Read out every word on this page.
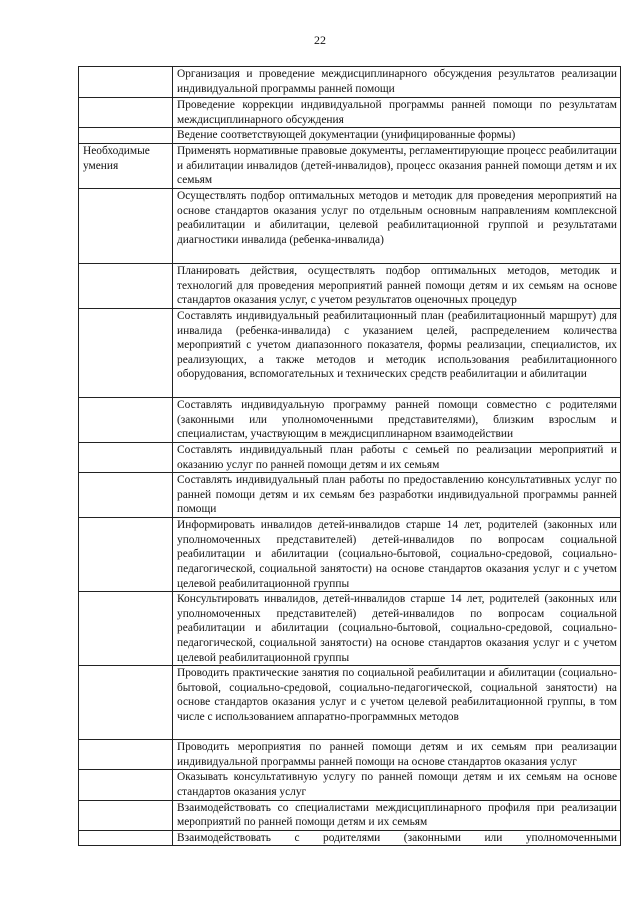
22
	Организация и проведение междисциплинарного обсуждения результатов реализации индивидуальной программы ранней помощи
	Проведение коррекции индивидуальной программы ранней помощи по результатам междисциплинарного обсуждения
	Ведение соответствующей документации (унифицированные формы)
Необходимые умения	Применять нормативные правовые документы, регламентирующие процесс реабилитации и абилитации инвалидов (детей-инвалидов), процесс оказания ранней помощи детям и их семьям
	Осуществлять подбор оптимальных методов и методик для проведения мероприятий на основе стандартов оказания услуг по отдельным основным направлениям комплексной реабилитации и абилитации, целевой реабилитационной группой и результатами диагностики инвалида (ребенка-инвалида)
	Планировать действия, осуществлять подбор оптимальных методов, методик и технологий для проведения мероприятий ранней помощи детям и их семьям на основе стандартов оказания услуг, с учетом результатов оценочных процедур
	Составлять индивидуальный реабилитационный план (реабилитационный маршрут) для инвалида (ребенка-инвалида) с указанием целей, распределением количества мероприятий с учетом диапазонного показателя, формы реализации, специалистов, их реализующих, а также методов и методик использования реабилитационного оборудования, вспомогательных и технических средств реабилитации и абилитации
	Составлять индивидуальную программу ранней помощи совместно с родителями (законными или уполномоченными представителями), близким взрослым и специалистам, участвующим в междисциплинарном взаимодействии
	Составлять индивидуальный план работы с семьей по реализации мероприятий и оказанию услуг по ранней помощи детям и их семьям
	Составлять индивидуальный план работы по предоставлению консультативных услуг по ранней помощи детям и их семьям без разработки индивидуальной программы ранней помощи
	Информировать инвалидов детей-инвалидов старше 14 лет, родителей (законных или уполномоченных представителей) детей-инвалидов по вопросам социальной реабилитации и абилитации (социально-бытовой, социально-средовой, социально-педагогической, социальной занятости) на основе стандартов оказания услуг и с учетом целевой реабилитационной группы
	Консультировать инвалидов, детей-инвалидов старше 14 лет, родителей (законных или уполномоченных представителей) детей-инвалидов по вопросам социальной реабилитации и абилитации (социально-бытовой, социально-средовой, социально-педагогической, социальной занятости) на основе стандартов оказания услуг и с учетом целевой реабилитационной группы
	Проводить практические занятия по социальной реабилитации и абилитации (социально-бытовой, социально-средовой, социально-педагогической, социальной занятости) на основе стандартов оказания услуг и с учетом целевой реабилитационной группы, в том числе с использованием аппаратно-программных методов
	Проводить мероприятия по ранней помощи детям и их семьям при реализации индивидуальной программы ранней помощи на основе стандартов оказания услуг
	Оказывать консультативную услугу по ранней помощи детям и их семьям на основе стандартов оказания услуг
	Взаимодействовать со специалистами междисциплинарного профиля при реализации мероприятий по ранней помощи детям и их семьям
	Взаимодействовать с родителями (законными или уполномоченными
